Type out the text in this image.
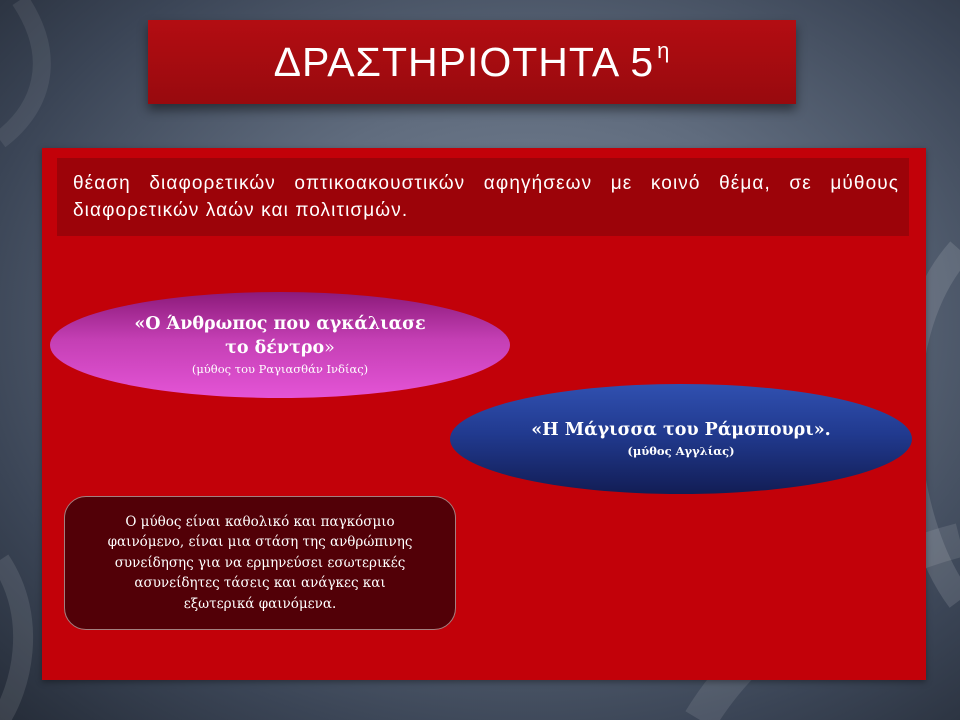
ΔΡΑΣΤΗΡΙΟΤΗΤΑ 5 $^\eta$

θέαση διαφορετικών οπτικοακουστικών αφηγήσεων με κοινό θέμα, σε μύθους διαφορετικών λαών και πολιτισμών.

«Ο Άνθρωπος που αγκάλιασε
το δέντρο»
(μύθος του Ραγιασθάν Ινδίας)
«Η Μάγισσα του Ράμσπουρι».
(μύθος Αγγλίας)

Ο μύθος είναι καθολικό και παγκόσμιο
φαινόμενο, είναι μια στάση της ανθρώπινης
συνείδησης για να ερμηνεύσει εσωτερικές
ασυνείδητες τάσεις και ανάγκες και
εξωτερικά φαινόμενα.
